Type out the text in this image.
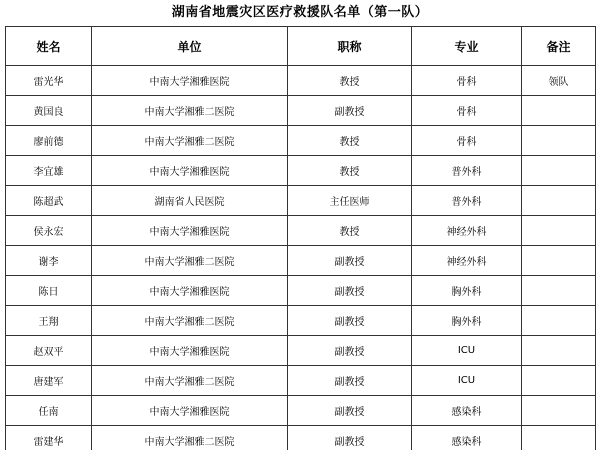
湖南省地震灾区医疗救援队名单（第一队）
姓名	单位	职称	专业	备注
雷光华	中南大学湘雅医院	教授	骨科	领队
黄国良	中南大学湘雅二医院	副教授	骨科	
廖前德	中南大学湘雅二医院	教授	骨科	
李宜雄	中南大学湘雅医院	教授	普外科	
陈超武	湖南省人民医院	主任医师	普外科	
侯永宏	中南大学湘雅医院	教授	神经外科	
谢李	中南大学湘雅二医院	副教授	神经外科	
陈日	中南大学湘雅医院	副教授	胸外科	
王翔	中南大学湘雅二医院	副教授	胸外科	
赵双平	中南大学湘雅医院	副教授	ICU	
唐建军	中南大学湘雅二医院	副教授	ICU	
任南	中南大学湘雅医院	副教授	感染科	
雷建华	中南大学湘雅二医院	副教授	感染科	
